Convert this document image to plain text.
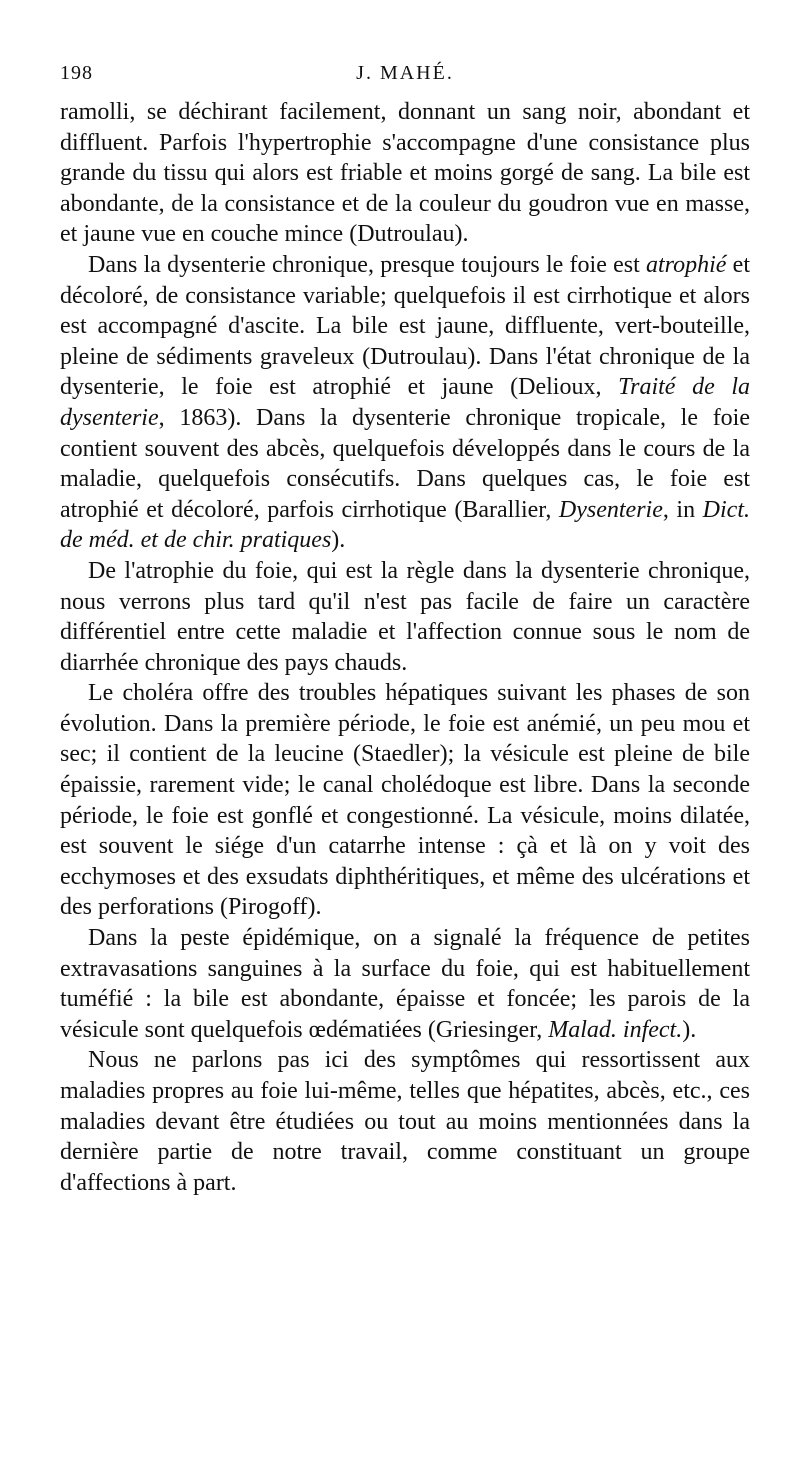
198	J. MAHÉ.

ramolli, se déchirant facilement, donnant un sang noir, abondant et diffluent. Parfois l'hypertrophie s'accompagne d'une consistance plus grande du tissu qui alors est friable et moins gorgé de sang. La bile est abondante, de la consistance et de la couleur du goudron vue en masse, et jaune vue en couche mince (Dutroulau).

Dans la dysenterie chronique, presque toujours le foie est atrophié et décoloré, de consistance variable; quelquefois il est cirrhotique et alors est accompagné d'ascite. La bile est jaune, diffluente, vert-bouteille, pleine de sédiments graveleux (Dutroulau). Dans l'état chronique de la dysenterie, le foie est atrophié et jaune (Delioux, Traité de la dysenterie, 1863). Dans la dysenterie chronique tropicale, le foie contient souvent des abcès, quelquefois développés dans le cours de la maladie, quelquefois consécutifs. Dans quelques cas, le foie est atrophié et décoloré, parfois cirrhotique (Barallier, Dysenterie, in Dict. de méd. et de chir. pratiques).

De l'atrophie du foie, qui est la règle dans la dysenterie chronique, nous verrons plus tard qu'il n'est pas facile de faire un caractère différentiel entre cette maladie et l'affection connue sous le nom de diarrhée chronique des pays chauds.

Le choléra offre des troubles hépatiques suivant les phases de son évolution. Dans la première période, le foie est anémié, un peu mou et sec; il contient de la leucine (Staedler); la vésicule est pleine de bile épaissie, rarement vide; le canal cholédoque est libre. Dans la seconde période, le foie est gonflé et congestionné. La vésicule, moins dilatée, est souvent le siége d'un catarrhe intense : çà et là on y voit des ecchymoses et des exsudats diphthéritiques, et même des ulcérations et des perforations (Pirogoff).

Dans la peste épidémique, on a signalé la fréquence de petites extravasations sanguines à la surface du foie, qui est habituellement tuméfié : la bile est abondante, épaisse et foncée; les parois de la vésicule sont quelquefois œdématiées (Griesinger, Malad. infect.).

Nous ne parlons pas ici des symptômes qui ressortissent aux maladies propres au foie lui-même, telles que hépatites, abcès, etc., ces maladies devant être étudiées ou tout au moins mentionnées dans la dernière partie de notre travail, comme constituant un groupe d'affections à part.
